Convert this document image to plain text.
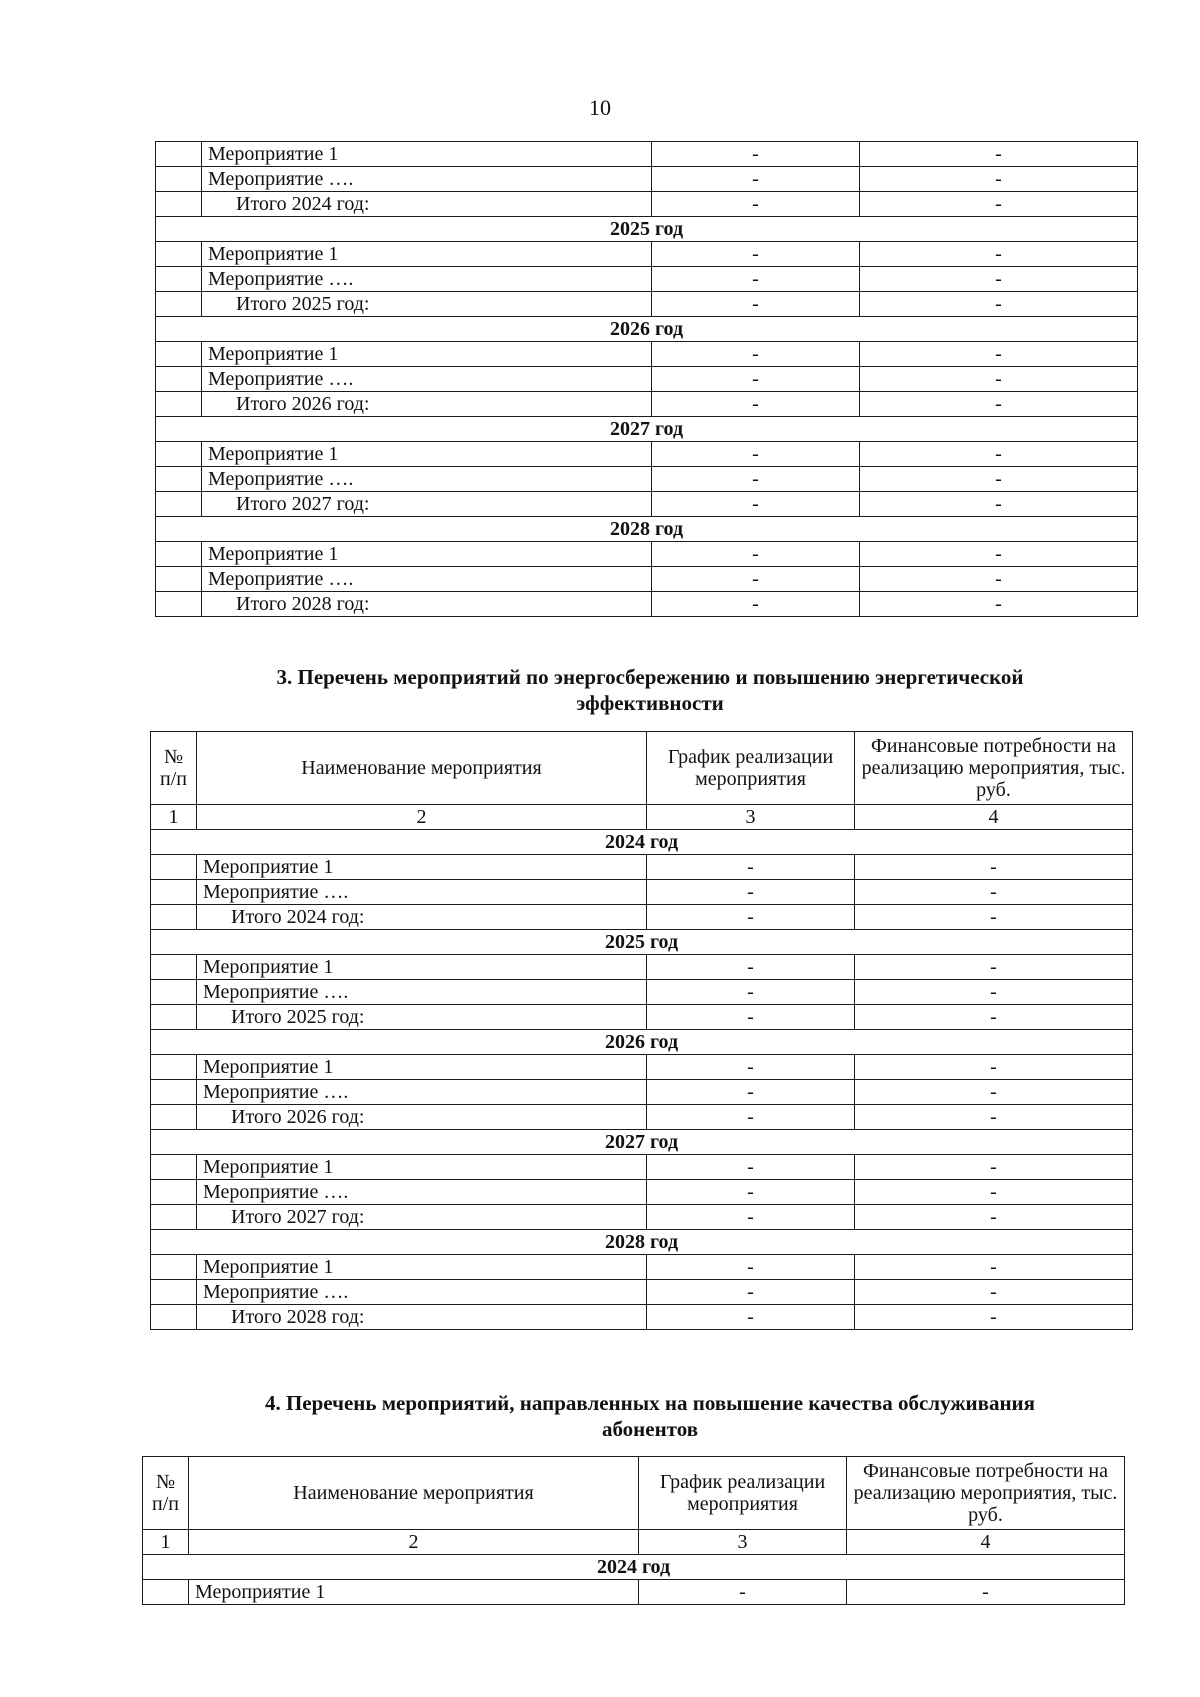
10
	Мероприятие 1	-	-
	Мероприятие ….	-	-
	Итого 2024 год:	-	-
2025 год			
	Мероприятие 1	-	-
	Мероприятие ….	-	-
	Итого 2025 год:	-	-
2026 год			
	Мероприятие 1	-	-
	Мероприятие ….	-	-
	Итого 2026 год:	-	-
2027 год			
	Мероприятие 1	-	-
	Мероприятие ….	-	-
	Итого 2027 год:	-	-
2028 год			
	Мероприятие 1	-	-
	Мероприятие ….	-	-
	Итого 2028 год:	-	-
3. Перечень мероприятий по энергосбережению и повышению энергетической
эффективности
№ п/п	Наименование мероприятия	График реализации мероприятия	Финансовые потребности на реализацию мероприятия, тыс. руб.
1	2	3	4
2024 год			
	Мероприятие 1	-	-
	Мероприятие ….	-	-
	Итого 2024 год:	-	-
2025 год			
	Мероприятие 1	-	-
	Мероприятие ….	-	-
	Итого 2025 год:	-	-
2026 год			
	Мероприятие 1	-	-
	Мероприятие ….	-	-
	Итого 2026 год:	-	-
2027 год			
	Мероприятие 1	-	-
	Мероприятие ….	-	-
	Итого 2027 год:	-	-
2028 год			
	Мероприятие 1	-	-
	Мероприятие ….	-	-
	Итого 2028 год:	-	-
4. Перечень мероприятий, направленных на повышение качества обслуживания
абонентов
№ п/п	Наименование мероприятия	График реализации мероприятия	Финансовые потребности на реализацию мероприятия, тыс. руб.
1	2	3	4
2024 год			
	Мероприятие 1	-	-
